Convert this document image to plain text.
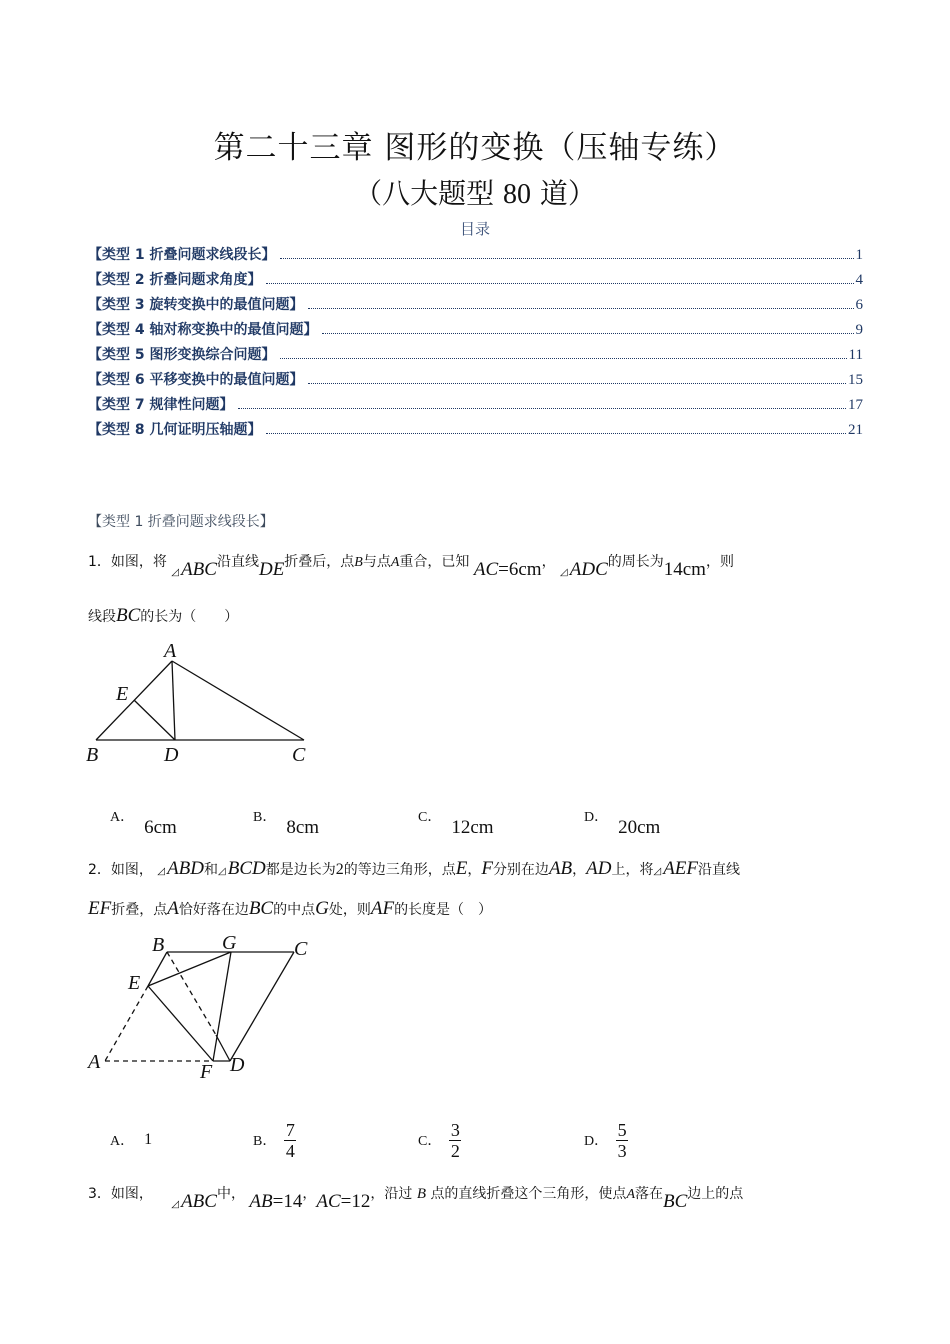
第二十三章 图形的变换（压轴专练）
（八大题型 80 道）
目录
【类型 1 折叠问题求线段长】	1
【类型 2 折叠问题求角度】	4
【类型 3 旋转变换中的最值问题】	6
【类型 4 轴对称变换中的最值问题】	9
【类型 5 图形变换综合问题】	11
【类型 6 平移变换中的最值问题】	15
【类型 7 规律性问题】	17
【类型 8 几何证明压轴题】	21
【类型 1 折叠问题求线段长】
1．如图，将 ◿ ABC沿直线DE折叠后，点B与点A重合，已知 AC=6cm， ◿ ADC的周长为14cm，则
线段BC的长为（　　）
A
E
B	D	C
A． 6cm	B． 8cm	C． 12cm	D． 20cm
2．如图， ◿ ABD和◿ BCD都是边长为2的等边三角形，点E，F分别在边AB，AD上，将◿ AEF沿直线
EF折叠，点A恰好落在边BC的中点G处，则AF的长度是（　）
B	G	C
E
A	F D
A． 1	B． $\frac{7}{4}$	C． $\frac{3}{2}$	D． $\frac{5}{3}$
3．如图， ◿ ABC中， AB=14，AC=12，沿过 B 点的直线折叠这个三角形，使点A落在BC边上的点
